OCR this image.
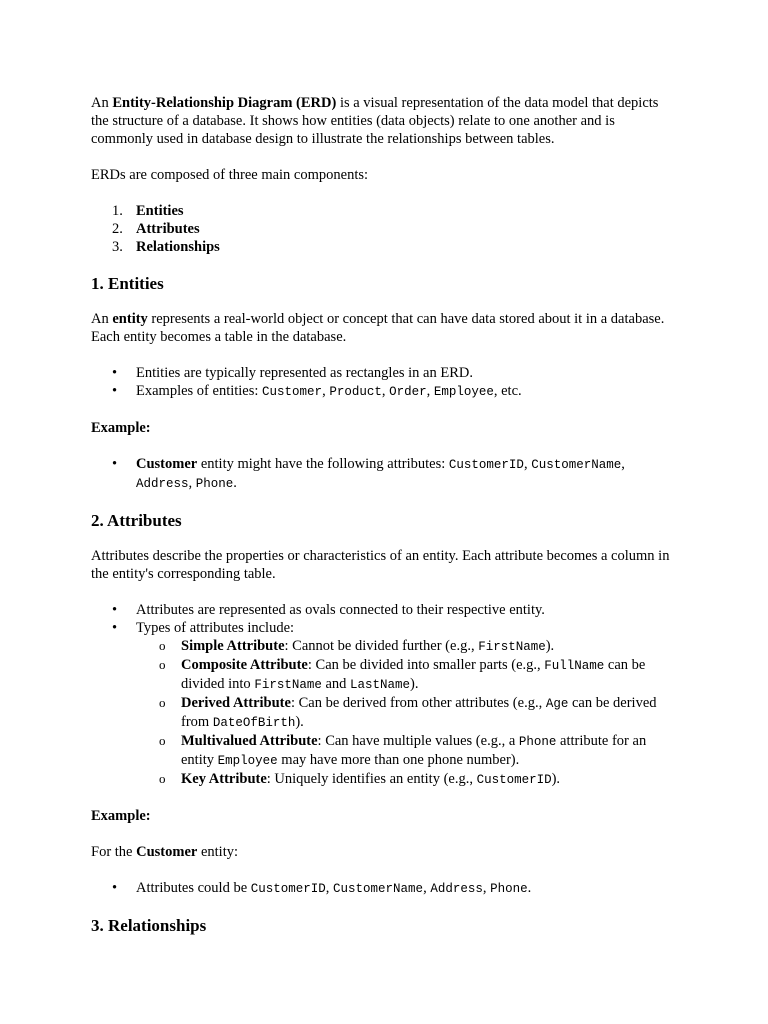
An Entity-Relationship Diagram (ERD) is a visual representation of the data model that depicts the structure of a database. It shows how entities (data objects) relate to one another and is commonly used in database design to illustrate the relationships between tables.

ERDs are composed of three main components:

1. Entities
2. Attributes
3. Relationships
1. Entities

An entity represents a real-world object or concept that can have data stored about it in a database. Each entity becomes a table in the database.

• Entities are typically represented as rectangles in an ERD.
• Examples of entities: Customer, Product, Order, Employee, etc.

Example:

• Customer entity might have the following attributes: CustomerID, CustomerName, Address, Phone.
2. Attributes

Attributes describe the properties or characteristics of an entity. Each attribute becomes a column in the entity's corresponding table.

• Attributes are represented as ovals connected to their respective entity.
• Types of attributes include:
o Simple Attribute: Cannot be divided further (e.g., FirstName).
o Composite Attribute: Can be divided into smaller parts (e.g., FullName can be divided into FirstName and LastName).
o Derived Attribute: Can be derived from other attributes (e.g., Age can be derived from DateOfBirth).
o Multivalued Attribute: Can have multiple values (e.g., a Phone attribute for an entity Employee may have more than one phone number).
o Key Attribute: Uniquely identifies an entity (e.g., CustomerID).

Example:

For the Customer entity:

• Attributes could be CustomerID, CustomerName, Address, Phone.
3. Relationships
